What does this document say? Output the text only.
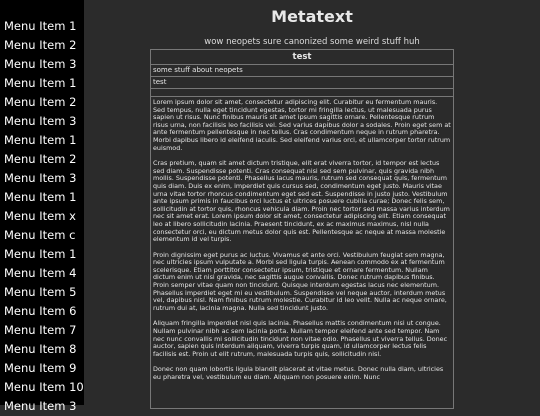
Menu Item 1
Menu Item 2
Menu Item 3
Menu Item 1
Menu Item 2
Menu Item 3
Menu Item 1
Menu Item 2
Menu Item 3
Menu Item 1
Menu Item x
Menu Item c
Menu Item 1
Menu Item 4
Menu Item 5
Menu Item 6
Menu Item 7
Menu Item 8
Menu Item 9
Menu Item 10
Menu Item 3
Metatext
wow neopets sure canonized some weird stuff huh
test
some stuff about neopets
test

Lorem ipsum dolor sit amet, consectetur adipiscing elit. Curabitur eu fermentum mauris. Sed tempus, nulla eget tincidunt egestas, tortor mi fringilla lectus, ut malesuada purus sapien ut risus. Nunc finibus mauris sit amet ipsum sagittis ornare. Pellentesque rutrum risus urna, non facilisis leo facilisis vel. Sed varius dapibus dolor a sodales. Proin eget sem at ante fermentum pellentesque in nec tellus. Cras condimentum neque in rutrum pharetra. Morbi dapibus libero id eleifend iaculis. Sed eleifend varius orci, et ullamcorper tortor rutrum euismod.

Cras pretium, quam sit amet dictum tristique, elit erat viverra tortor, id tempor est lectus sed diam. Suspendisse potenti. Cras consequat nisi sed sem pulvinar, quis gravida nibh mollis. Suspendisse potenti. Phasellus lacus mauris, rutrum sed consequat quis, fermentum quis diam. Duis ex enim, imperdiet quis cursus sed, condimentum eget justo. Mauris vitae urna vitae tortor rhoncus condimentum eget sed est. Suspendisse in justo justo. Vestibulum ante ipsum primis in faucibus orci luctus et ultrices posuere cubilia curae; Donec felis sem, sollicitudin at tortor quis, rhoncus vehicula diam. Proin nec tortor sed massa varius interdum nec sit amet erat. Lorem ipsum dolor sit amet, consectetur adipiscing elit. Etiam consequat leo at libero sollicitudin lacinia. Praesent tincidunt, ex ac maximus maximus, nisl nulla consectetur orci, eu dictum metus dolor quis est. Pellentesque ac neque at massa molestie elementum id vel turpis.

Proin dignissim eget purus ac luctus. Vivamus et ante orci. Vestibulum feugiat sem magna, nec ultricies ipsum vulputate a. Morbi sed ligula turpis. Aenean commodo ex at fermentum scelerisque. Etiam porttitor consectetur ipsum, tristique et ornare fermentum. Nullam dictum enim ut nisi gravida, nec sagittis augue convallis. Donec rutrum dapibus finibus. Proin semper vitae quam non tincidunt. Quisque interdum egestas lacus nec elementum. Phasellus imperdiet eget mi eu vestibulum. Suspendisse vel neque auctor, interdum metus vel, dapibus nisl. Nam finibus rutrum molestie. Curabitur id leo velit. Nulla ac neque ornare, rutrum dui at, lacinia magna. Nulla sed tincidunt justo.

Aliquam fringilla imperdiet nisl quis lacinia. Phasellus mattis condimentum nisi ut congue. Nullam pulvinar nibh ac sem lacinia porta. Nullam tempor eleifend ante sed tempor. Nam nec nunc convallis mi sollicitudin tincidunt non vitae odio. Phasellus ut viverra tellus. Donec auctor, sapien quis interdum aliquam, viverra turpis quam, id ullamcorper lectus felis facilisis est. Proin ut elit rutrum, malesuada turpis quis, sollicitudin nisl.

Donec non quam lobortis ligula blandit placerat at vitae metus. Donec nulla diam, ultricies eu pharetra vel, vestibulum eu diam. Aliquam non posuere enim. Nunc
